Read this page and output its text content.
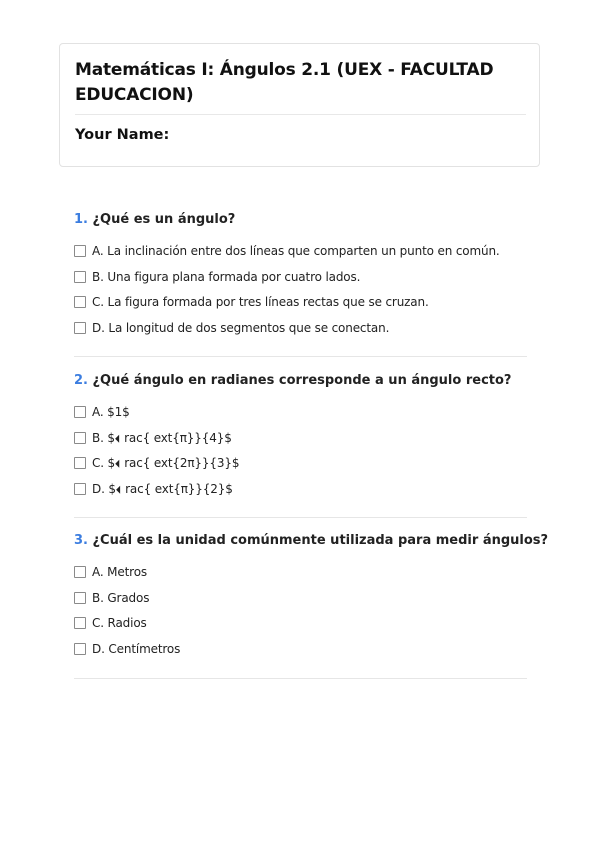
Matemáticas I: Ángulos 2.1 (UEX - FACULTAD EDUCACION)
Your Name:

1. ¿Qué es un ángulo?

A. La inclinación entre dos líneas que comparten un punto en común.
B. Una figura plana formada por cuatro lados.
C. La figura formada por tres líneas rectas que se cruzan.
D. La longitud de dos segmentos que se conectan.

2. ¿Qué ángulo en radianes corresponde a un ángulo recto?

A. $1$
B. $ rac{ ext{π}}{4}$
C. $ rac{ ext{2π}}{3}$
D. $ rac{ ext{π}}{2}$

3. ¿Cuál es la unidad comúnmente utilizada para medir ángulos?

A. Metros
B. Grados
C. Radios
D. Centímetros
